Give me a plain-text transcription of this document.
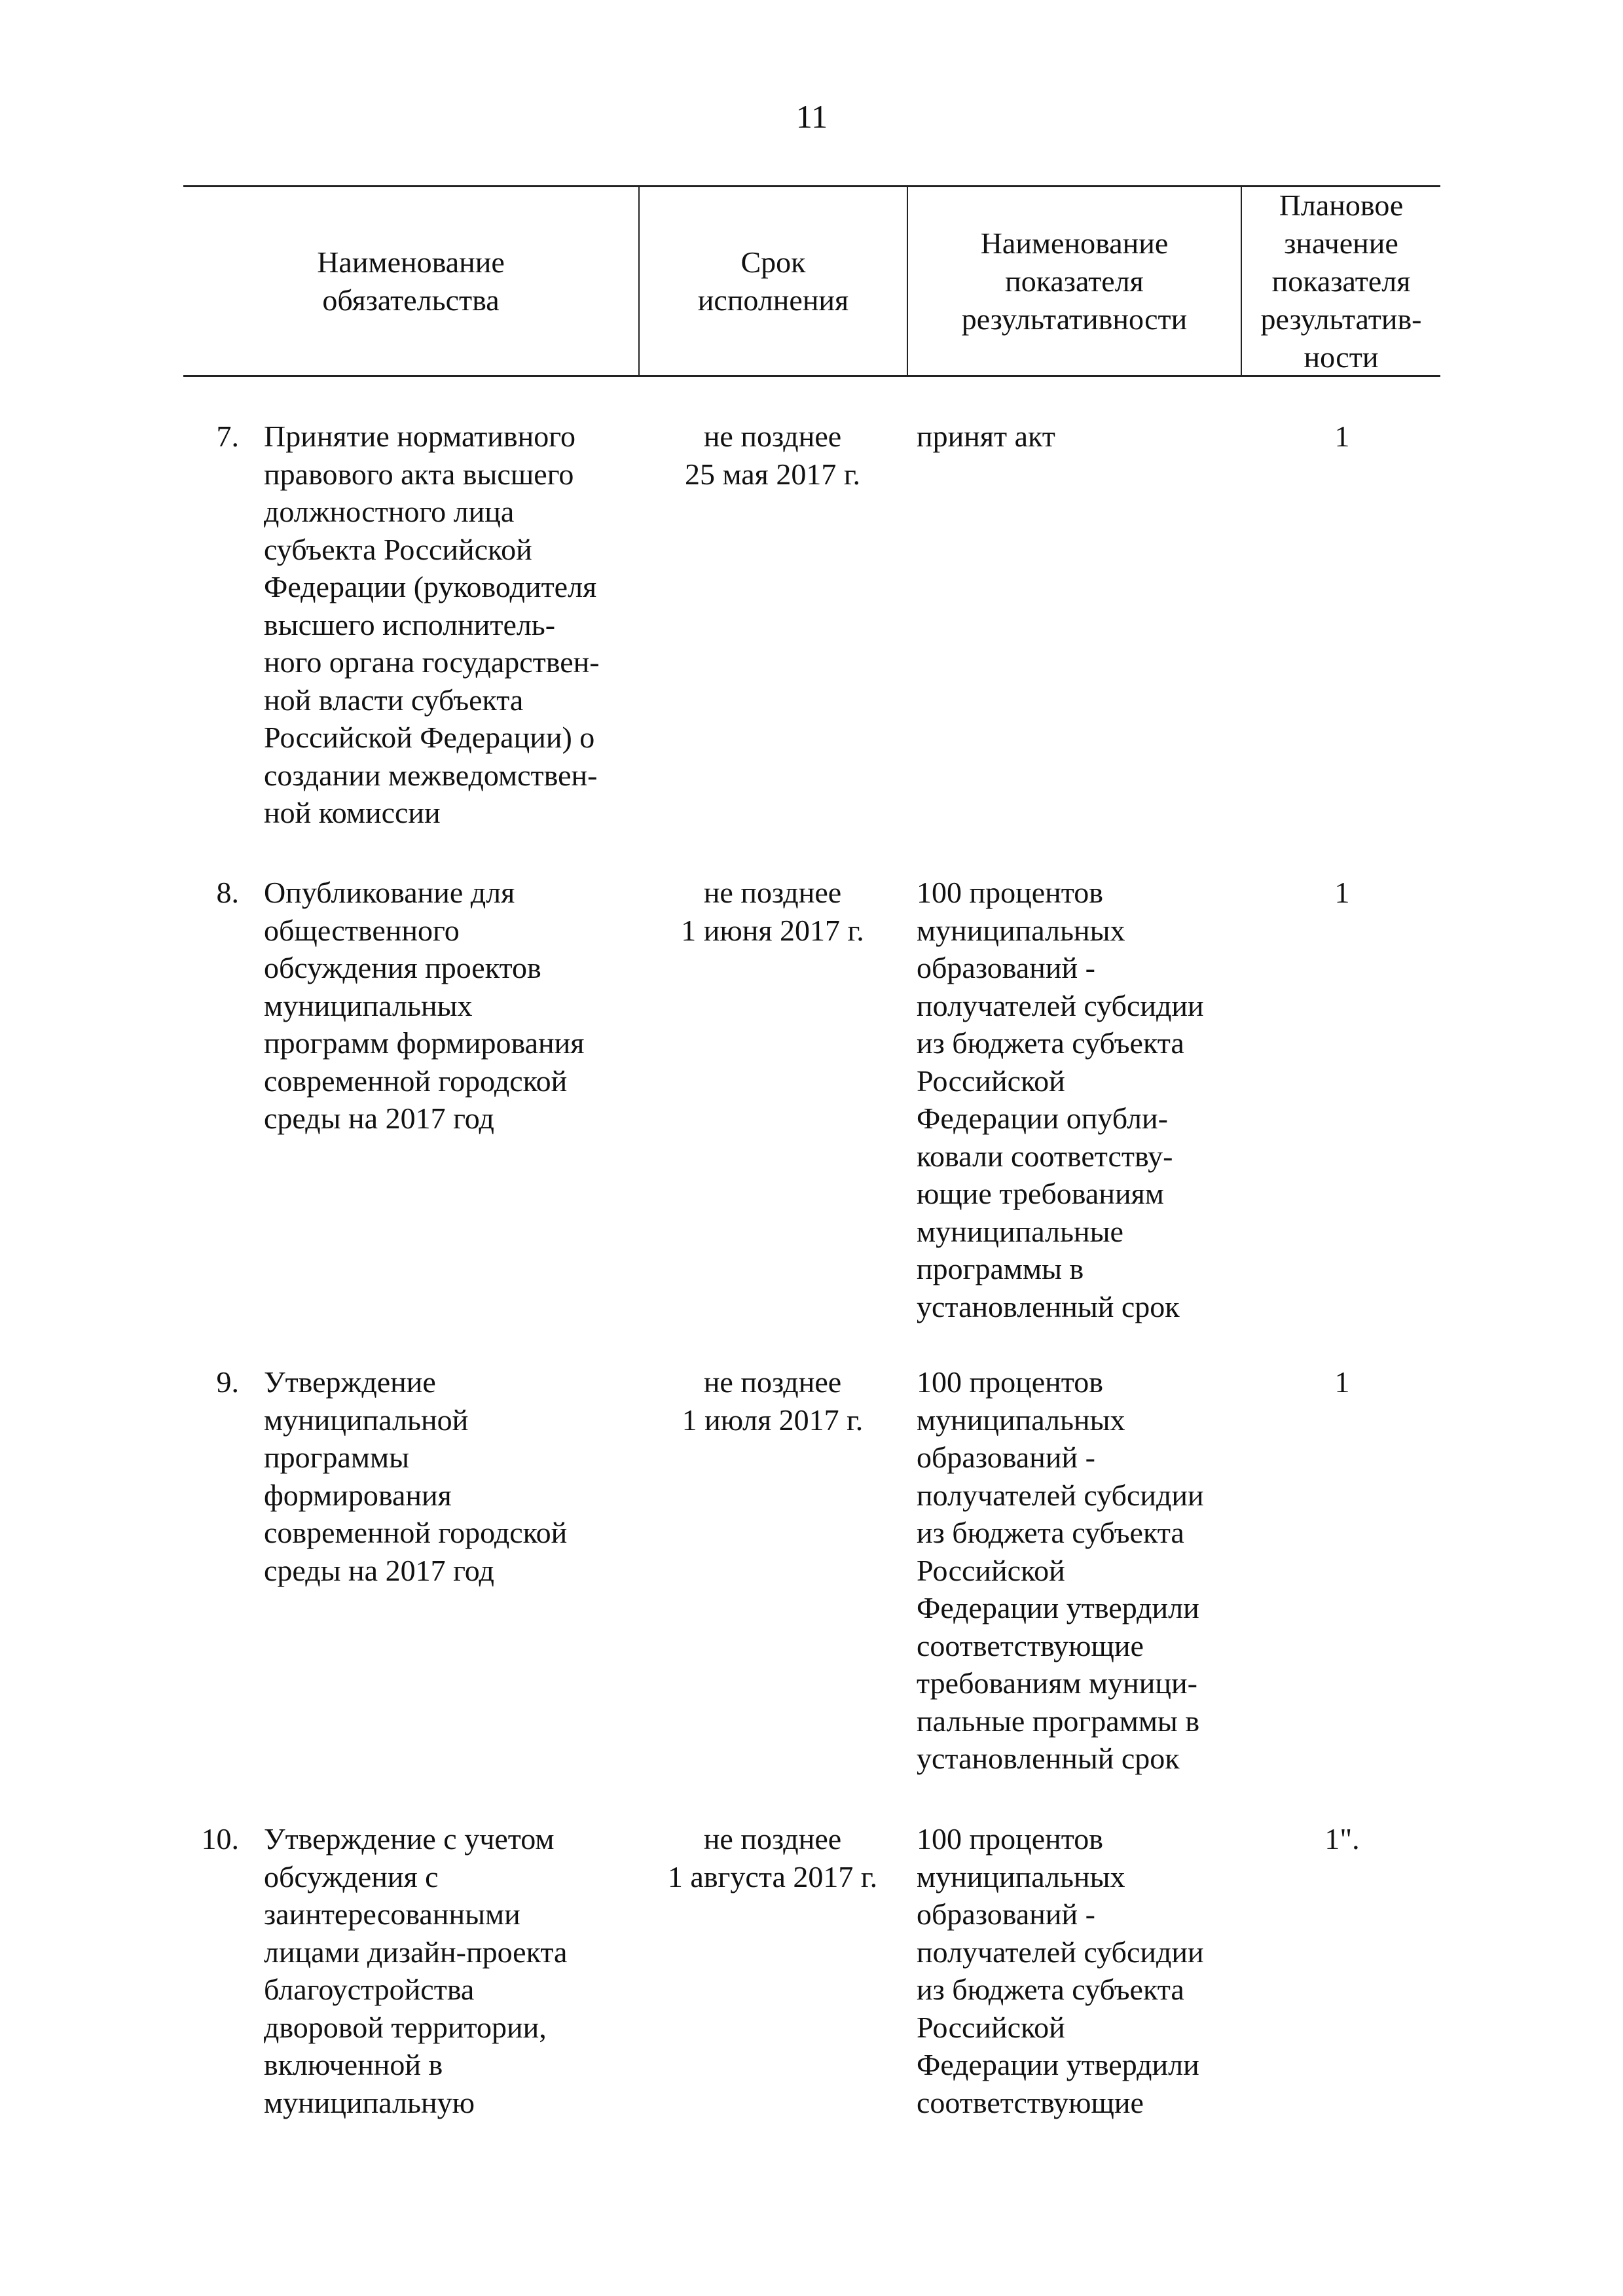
11
Наименование
обязательства
Срок
исполнения
Наименование
показателя
результативности
Плановое
значение
показателя
результатив-
ности
7. Принятие нормативного
правового акта высшего
должностного лица
субъекта Российской
Федерации (руководителя
высшего исполнитель-
ного органа государствен-
ной власти субъекта
Российской Федерации) о
создании межведомствен-
ной комиссии
не позднее
25 мая 2017 г.
принят акт	1
8. Опубликование для
общественного
обсуждения проектов
муниципальных
программ формирования
современной городской
среды на 2017 год
не позднее
1 июня 2017 г.
100 процентов
муниципальных
образований -
получателей субсидии
из бюджета субъекта
Российской
Федерации опубли-
ковали соответству-
ющие требованиям
муниципальные
программы в
установленный срок
1
9. Утверждение
муниципальной
программы
формирования
современной городской
среды на 2017 год
не позднее
1 июля 2017 г.
100 процентов
муниципальных
образований -
получателей субсидии
из бюджета субъекта
Российской
Федерации утвердили
соответствующие
требованиям муници-
пальные программы в
установленный срок
1
10. Утверждение с учетом
обсуждения с
заинтересованными
лицами дизайн-проекта
благоустройства
дворовой территории,
включенной в
муниципальную
не позднее
1 августа 2017 г.
100 процентов
муниципальных
образований -
получателей субсидии
из бюджета субъекта
Российской
Федерации утвердили
соответствующие
1".
